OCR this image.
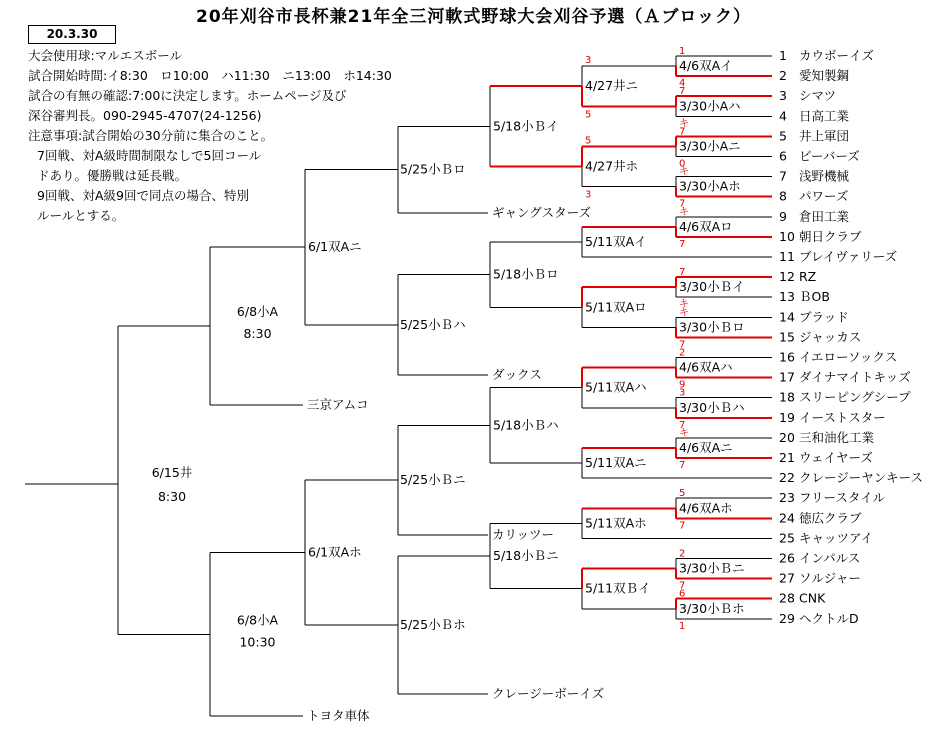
20年刈谷市長杯兼21年全三河軟式野球大会刈谷予選（Ａブロック）
20.3.30
大会使用球:マルエスボール
試合開始時間:イ8:30　ロ10:00　ハ11:30　ニ13:00　ホ14:30
試合の有無の確認:7:00に決定します。ホームページ及び
深谷審判長。090-2945-4707(24-1256)
注意事項:試合開始の30分前に集合のこと。
7回戦、対A級時間制限なしで5回コール
ドあり。優勝戦は延長戦。
9回戦、対A級9回で同点の場合、特別
ルールとする。
1 カウボーイズ
2 愛知製鋼
3 シマツ
4 日高工業
5 井上軍団
6 ビーバーズ
7 浅野機械
8 パワーズ
9 倉田工業
10 朝日クラブ
11 ブレイヴァリーズ
12 RZ
13 ＢOB
14 ブラッド
15 ジャッカス
16 イエローソックス
17 ダイナマイトキッズ
18 スリーピングシープ
19 イーストスター
20 三和油化工業
21 ウェイヤーズ
22 クレージーヤンキース
23 フリースタイル
24 徳広クラブ
25 キャッツアイ
26 インパルス
27 ソルジャー
28 CNK
29 ヘクトルD
4/6双Aイ
3/30小Aハ
3/30小Aニ
3/30小Aホ
4/6双Aロ
3/30小Ｂイ
3/30小Ｂロ
4/6双Aハ
3/30小Ｂハ
4/6双Aニ
4/6双Aホ
3/30小Ｂニ
3/30小Ｂホ
4/27井ニ
4/27井ホ
5/11双Aイ
5/11双Aロ
5/11双Aハ
5/11双Aニ
5/11双Aホ
5/11双Ｂイ
5/18小Ｂイ
5/18小Ｂロ
5/18小Ｂハ
5/18小Ｂニ
ギャングスターズ
5/25小Ｂロ
ダックス
5/25小Ｂハ
カリッツー
5/25小Ｂニ
クレージーボーイズ
5/25小Ｂホ
6/1双Aニ
6/1双Aホ
三京アムコ
6/8小A
8:30
トヨタ車体
6/8小A
10:30
6/15井
8:30
1
4
7
キ
7
0
キ
7
キ
7
7
キ
キ
7
2
9
3
7
キ
7
5
7
2
7
6
1
3
5
5
3
